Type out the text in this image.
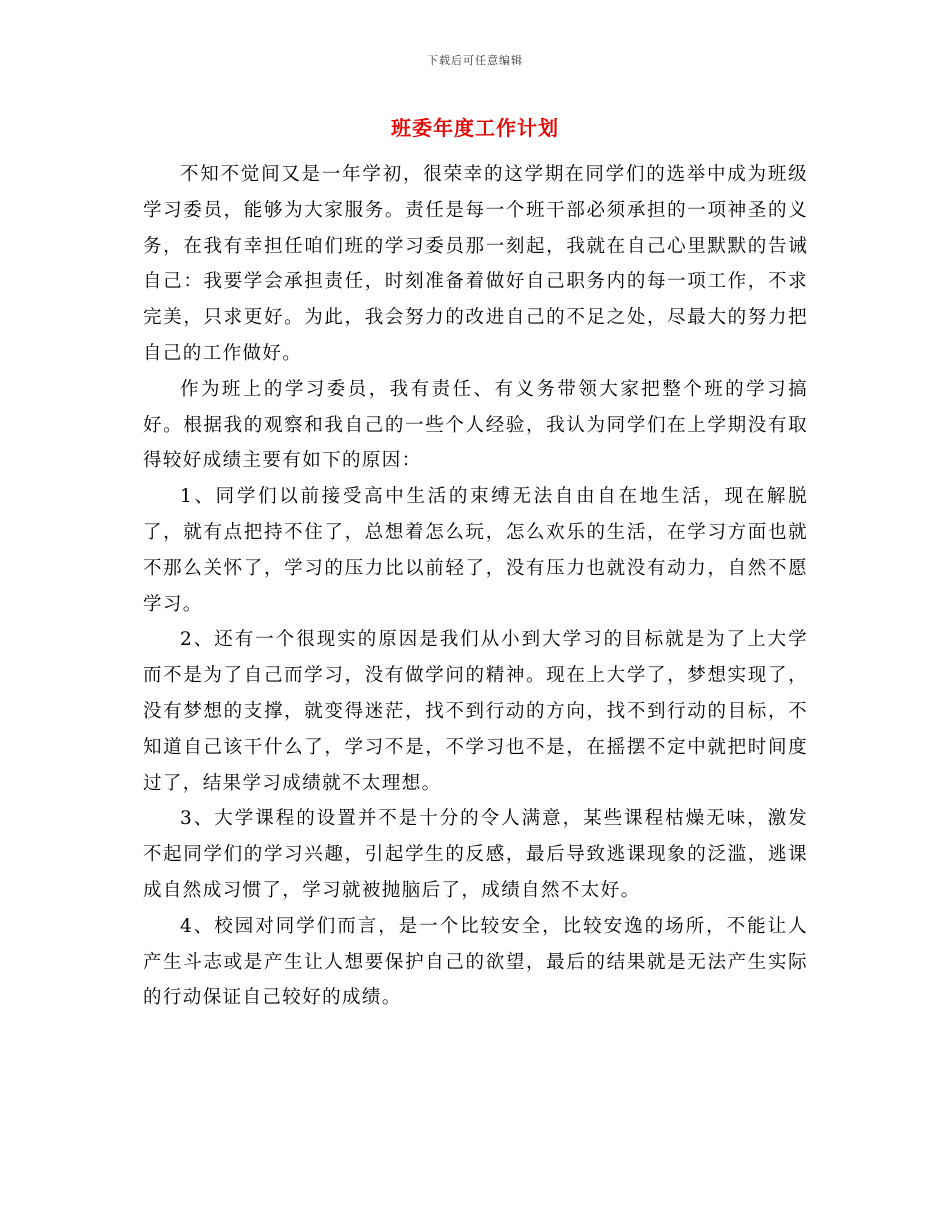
下载后可任意编辑
班委年度工作计划

不知不觉间又是一年学初，很荣幸的这学期在同学们的选举中成为班级学习委员，能够为大家服务。责任是每一个班干部必须承担的一项神圣的义务，在我有幸担任咱们班的学习委员那一刻起，我就在自己心里默默的告诫自己：我要学会承担责任，时刻准备着做好自己职务内的每一项工作，不求完美，只求更好。为此，我会努力的改进自己的不足之处，尽最大的努力把自己的工作做好。

作为班上的学习委员，我有责任、有义务带领大家把整个班的学习搞好。根据我的观察和我自己的一些个人经验，我认为同学们在上学期没有取得较好成绩主要有如下的原因：

1、同学们以前接受高中生活的束缚无法自由自在地生活，现在解脱了，就有点把持不住了，总想着怎么玩，怎么欢乐的生活，在学习方面也就不那么关怀了，学习的压力比以前轻了，没有压力也就没有动力，自然不愿学习。

2、还有一个很现实的原因是我们从小到大学习的目标就是为了上大学而不是为了自己而学习，没有做学问的精神。现在上大学了，梦想实现了，没有梦想的支撑，就变得迷茫，找不到行动的方向，找不到行动的目标，不知道自己该干什么了，学习不是，不学习也不是，在摇摆不定中就把时间度过了，结果学习成绩就不太理想。

3、大学课程的设置并不是十分的令人满意，某些课程枯燥无味，激发不起同学们的学习兴趣，引起学生的反感，最后导致逃课现象的泛滥，逃课成自然成习惯了，学习就被抛脑后了，成绩自然不太好。

4、校园对同学们而言，是一个比较安全，比较安逸的场所，不能让人产生斗志或是产生让人想要保护自己的欲望，最后的结果就是无法产生实际的行动保证自己较好的成绩。
